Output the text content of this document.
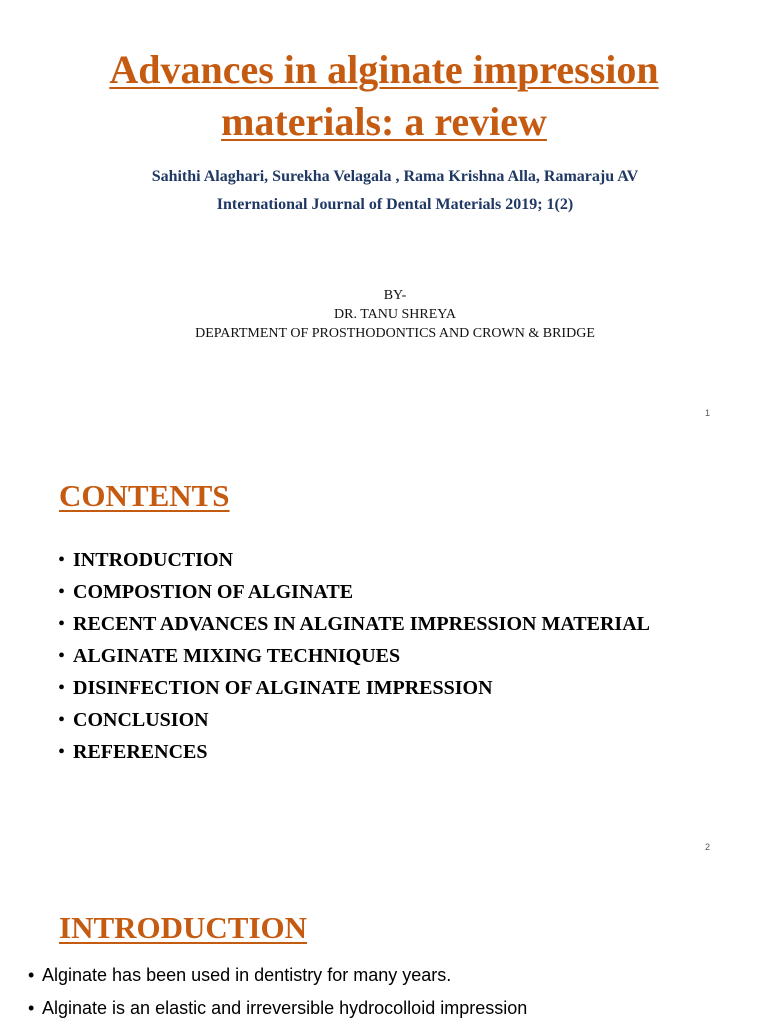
Advances in alginate impression
materials: a review
Sahithi Alaghari, Surekha Velagala , Rama Krishna Alla, Ramaraju AV
International Journal of Dental Materials 2019; 1(2)
BY-
DR. TANU SHREYA
DEPARTMENT OF PROSTHODONTICS AND CROWN & BRIDGE
1
CONTENTS
• INTRODUCTION
• COMPOSTION OF ALGINATE
• RECENT ADVANCES IN ALGINATE IMPRESSION MATERIAL
• ALGINATE MIXING TECHNIQUES
• DISINFECTION OF ALGINATE IMPRESSION
• CONCLUSION
• REFERENCES
2
INTRODUCTION
• Alginate has been used in dentistry for many years.
• Alginate is an elastic and irreversible hydrocolloid impression
